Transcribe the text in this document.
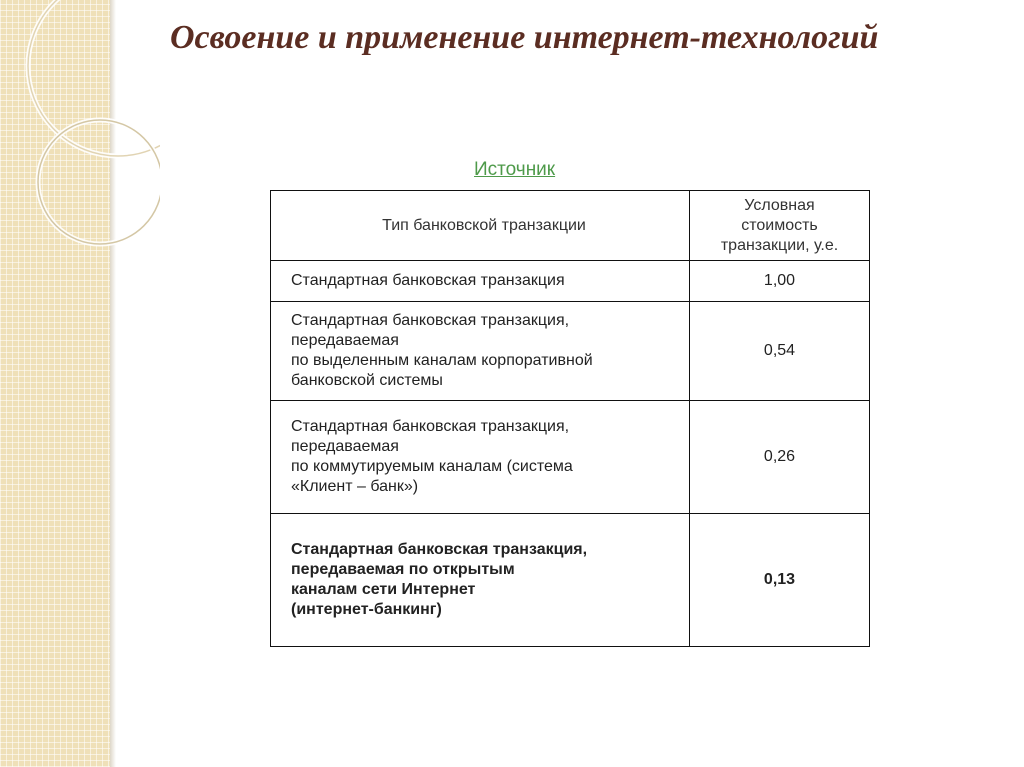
Освоение и применение интернет-технологий
Источник
Тип банковской транзакции	Условная
стоимость
транзакции, у.е.
Стандартная банковская транзакция	1,00
Стандартная банковская транзакция,
передаваемая
по выделенным каналам корпоративной
банковской системы	0,54
Стандартная банковская транзакция,
передаваемая
по коммутируемым каналам (система
«Клиент – банк»)	0,26
Стандартная банковская транзакция,
передаваемая по открытым
каналам сети Интернет
(интернет-банкинг)	0,13
